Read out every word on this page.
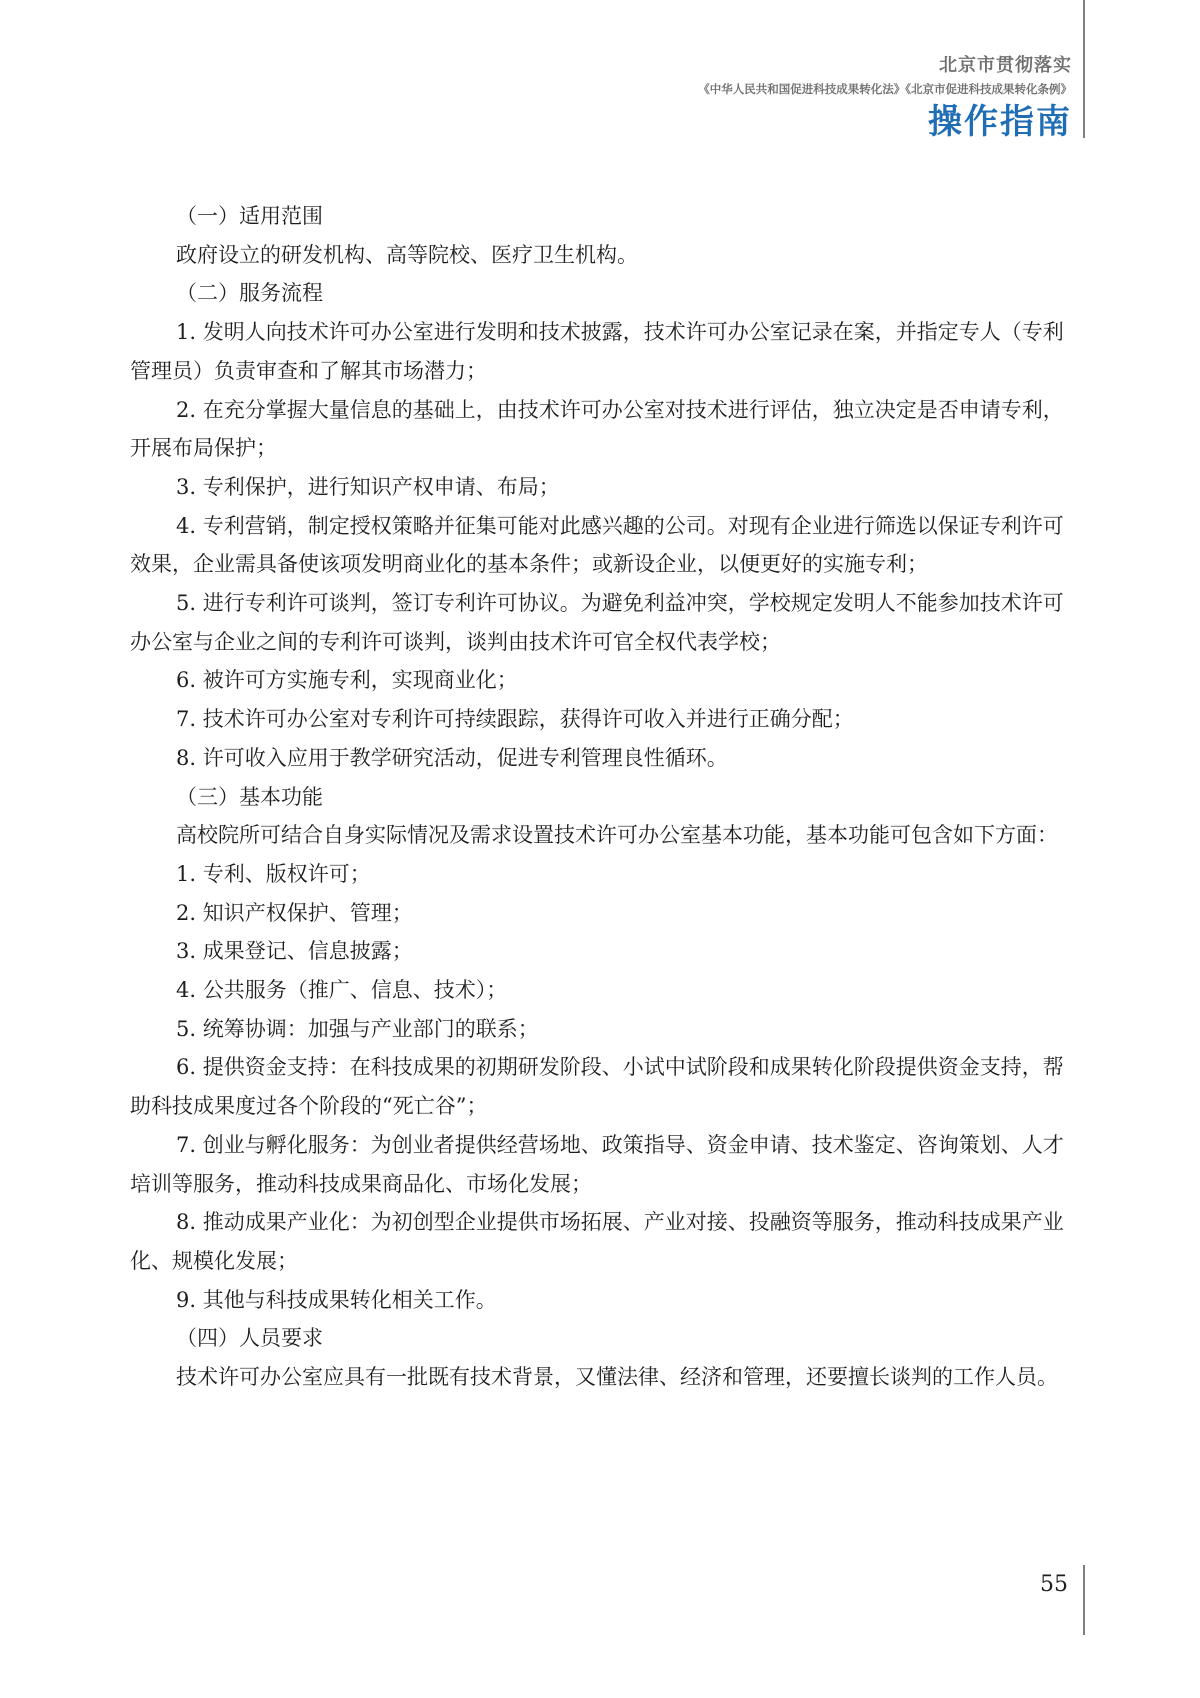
北京市贯彻落实
《中华人民共和国促进科技成果转化法》《北京市促进科技成果转化条例》
操作指南

（一）适用范围

政府设立的研发机构、高等院校、医疗卫生机构。

（二）服务流程

1. 发明人向技术许可办公室进行发明和技术披露，技术许可办公室记录在案，并指定专人（专利管理员）负责审查和了解其市场潜力；

2. 在充分掌握大量信息的基础上，由技术许可办公室对技术进行评估，独立决定是否申请专利，开展布局保护；

3. 专利保护，进行知识产权申请、布局；

4. 专利营销，制定授权策略并征集可能对此感兴趣的公司。对现有企业进行筛选以保证专利许可效果，企业需具备使该项发明商业化的基本条件；或新设企业，以便更好的实施专利；

5. 进行专利许可谈判，签订专利许可协议。为避免利益冲突，学校规定发明人不能参加技术许可办公室与企业之间的专利许可谈判，谈判由技术许可官全权代表学校；

6. 被许可方实施专利，实现商业化；

7. 技术许可办公室对专利许可持续跟踪，获得许可收入并进行正确分配；

8. 许可收入应用于教学研究活动，促进专利管理良性循环。

（三）基本功能

高校院所可结合自身实际情况及需求设置技术许可办公室基本功能，基本功能可包含如下方面：

1. 专利、版权许可；

2. 知识产权保护、管理；

3. 成果登记、信息披露；

4. 公共服务（推广、信息、技术）；

5. 统筹协调：加强与产业部门的联系；

6. 提供资金支持：在科技成果的初期研发阶段、小试中试阶段和成果转化阶段提供资金支持，帮助科技成果度过各个阶段的“死亡谷”；

7. 创业与孵化服务：为创业者提供经营场地、政策指导、资金申请、技术鉴定、咨询策划、人才培训等服务，推动科技成果商品化、市场化发展；

8. 推动成果产业化：为初创型企业提供市场拓展、产业对接、投融资等服务，推动科技成果产业化、规模化发展；

9. 其他与科技成果转化相关工作。

（四）人员要求

技术许可办公室应具有一批既有技术背景，又懂法律、经济和管理，还要擅长谈判的工作人员。

55
